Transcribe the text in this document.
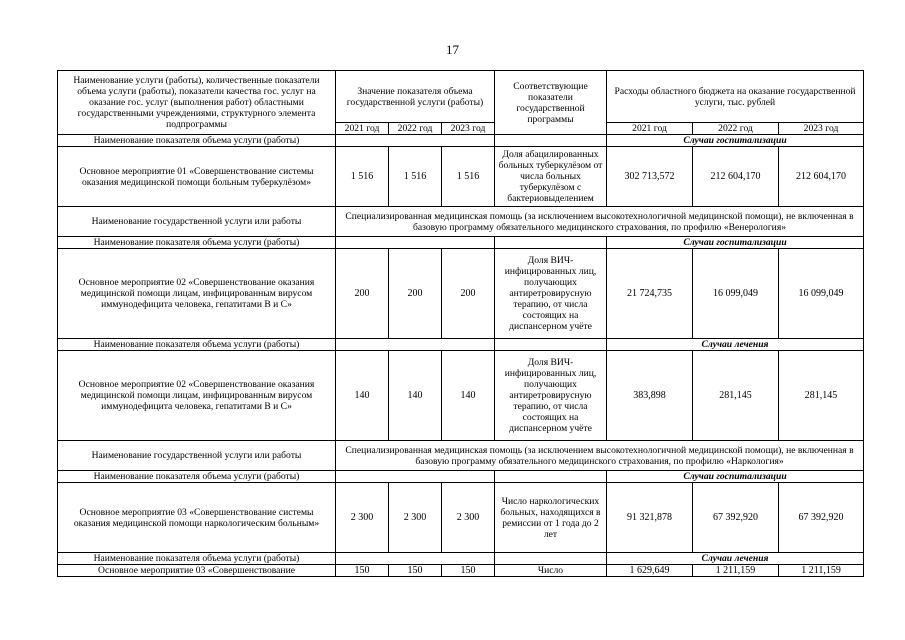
17
Наименование услуги (работы), количественные показатели объема услуги (работы), показатели качества гос. услуг на оказание гос. услуг (выполнения работ) областными государственными учреждениями, структурного элемента подпрограммы	Значение показателя объема государственной услуги (работы)			Соответствующие показатели государственной программы	Расходы областного бюджета на оказание государственной услуги, тыс. рублей		
	2021 год	2022 год	2023 год		2021 год	2022 год	2023 год
Наименование показателя объема услуги (работы)					Случаи госпитализации		
Основное мероприятие 01 «Совершенствование системы оказания медицинской помощи больным туберкулёзом»	1 516	1 516	1 516	Доля абацилированных больных туберкулёзом от числа больных туберкулёзом с бактериовыделением	302 713,572	212 604,170	212 604,170
Наименование государственной услуги или работы	Специализированная медицинская помощь (за исключением высокотехнологичной медицинской помощи), не включенная в базовую программу обязательного медицинского страхования, по профилю «Венерология»						
Наименование показателя объема услуги (работы)					Случаи госпитализации		
Основное мероприятие 02 «Совершенствование оказания медицинской помощи лицам, инфицированным вирусом иммунодефицита человека, гепатитами В и С»	200	200	200	Доля ВИЧ-инфицированных лиц, получающих антиретровирусную терапию, от числа состоящих на диспансерном учёте	21 724,735	16 099,049	16 099,049
Наименование показателя объема услуги (работы)					Случаи лечения		
Основное мероприятие 02 «Совершенствование оказания медицинской помощи лицам, инфицированным вирусом иммунодефицита человека, гепатитами В и С»	140	140	140	Доля ВИЧ-инфицированных лиц, получающих антиретровирусную терапию, от числа состоящих на диспансерном учёте	383,898	281,145	281,145
Наименование государственной услуги или работы	Специализированная медицинская помощь (за исключением высокотехнологичной медицинской помощи), не включенная в базовую программу обязательного медицинского страхования, по профилю «Наркология»						
Наименование показателя объема услуги (работы)					Случаи госпитализации		
Основное мероприятие 03 «Совершенствование системы оказания медицинской помощи наркологическим больным»	2 300	2 300	2 300	Число наркологических больных, находящихся в ремиссии от 1 года до 2 лет	91 321,878	67 392,920	67 392,920
Наименование показателя объема услуги (работы)					Случаи лечения		
Основное мероприятие 03 «Совершенствование	150	150	150	Число	1 629,649	1 211,159	1 211,159
